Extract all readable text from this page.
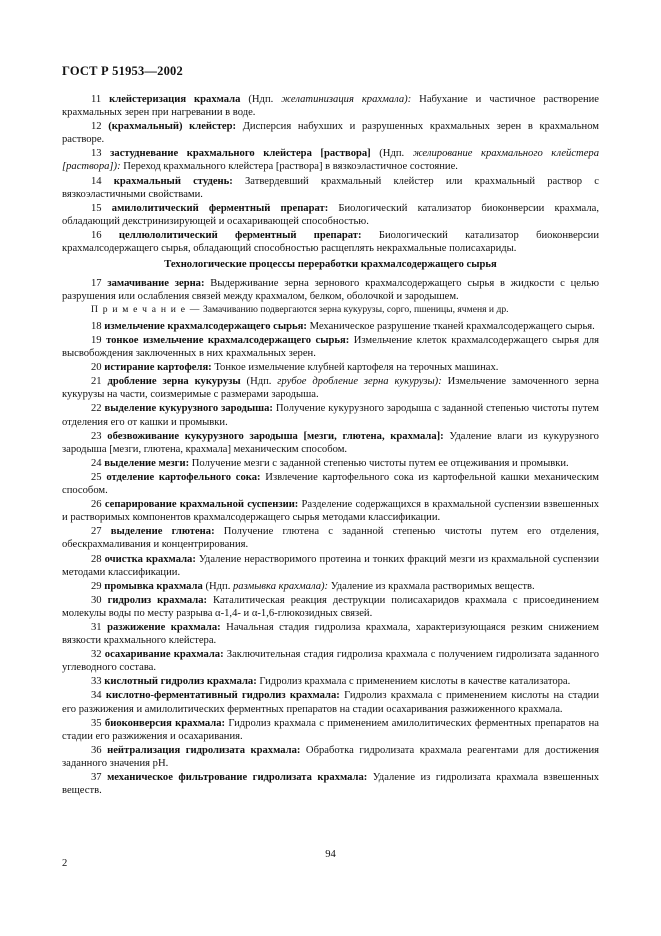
ГОСТ Р 51953—2002

11 клейстеризация крахмала (Ндп. желатинизация крахмала): Набухание и частичное растворение крахмальных зерен при нагревании в воде.

12 (крахмальный) клейстер: Дисперсия набухших и разрушенных крахмальных зерен в крахмальном растворе.

13 застудневание крахмального клейстера [раствора] (Ндп. желирование крахмального клейстера [раствора]): Переход крахмального клейстера [раствора] в вязкоэластичное состояние.

14 крахмальный студень: Затвердевший крахмальный клейстер или крахмальный раствор с вязкоэластичными свойствами.

15 амилолитический ферментный препарат: Биологический катализатор биоконверсии крахмала, обладающий декстринизирующей и осахаривающей способностью.

16 целлюлолитический ферментный препарат: Биологический катализатор биоконверсии крахмалсодержащего сырья, обладающий способностью расщеплять некрахмальные полисахариды.

Технологические процессы переработки крахмалсодержащего сырья

17 замачивание зерна: Выдерживание зерна зернового крахмалсодержащего сырья в жидкости с целью разрушения или ослабления связей между крахмалом, белком, оболочкой и зародышем.

П р и м е ч а н и е — Замачиванию подвергаются зерна кукурузы, сорго, пшеницы, ячменя и др.

18 измельчение крахмалсодержащего сырья: Механическое разрушение тканей крахмалсодержащего сырья.

19 тонкое измельчение крахмалсодержащего сырья: Измельчение клеток крахмалсодержащего сырья для высвобождения заключенных в них крахмальных зерен.

20 истирание картофеля: Тонкое измельчение клубней картофеля на терочных машинах.

21 дробление зерна кукурузы (Ндп. грубое дробление зерна кукурузы): Измельчение замоченного зерна кукурузы на части, соизмеримые с размерами зародыша.

22 выделение кукурузного зародыша: Получение кукурузного зародыша с заданной степенью чистоты путем отделения его от кашки и промывки.

23 обезвоживание кукурузного зародыша [мезги, глютена, крахмала]: Удаление влаги из кукурузного зародыша [мезги, глютена, крахмала] механическим способом.

24 выделение мезги: Получение мезги с заданной степенью чистоты путем ее отцеживания и промывки.

25 отделение картофельного сока: Извлечение картофельного сока из картофельной кашки механическим способом.

26 сепарирование крахмальной суспензии: Разделение содержащихся в крахмальной суспензии взвешенных и растворимых компонентов крахмалсодержащего сырья методами классификации.

27 выделение глютена: Получение глютена с заданной степенью чистоты путем его отделения, обескрахмаливания и концентрирования.

28 очистка крахмала: Удаление нерастворимого протеина и тонких фракций мезги из крахмальной суспензии методами классификации.

29 промывка крахмала (Ндп. размывка крахмала): Удаление из крахмала растворимых веществ.

30 гидролиз крахмала: Каталитическая реакция деструкции полисахаридов крахмала с присоединением молекулы воды по месту разрыва α-1,4- и α-1,6-глюкозидных связей.

31 разжижение крахмала: Начальная стадия гидролиза крахмала, характеризующаяся резким снижением вязкости крахмального клейстера.

32 осахаривание крахмала: Заключительная стадия гидролиза крахмала с получением гидролизата заданного углеводного состава.

33 кислотный гидролиз крахмала: Гидролиз крахмала с применением кислоты в качестве катализатора.

34 кислотно-ферментативный гидролиз крахмала: Гидролиз крахмала с применением кислоты на стадии его разжижения и амилолитических ферментных препаратов на стадии осахаривания разжиженного крахмала.

35 биоконверсия крахмала: Гидролиз крахмала с применением амилолитических ферментных препаратов на стадии его разжижения и осахаривания.

36 нейтрализация гидролизата крахмала: Обработка гидролизата крахмала реагентами для достижения заданного значения pH.

37 механическое фильтрование гидролизата крахмала: Удаление из гидролизата крахмала взвешенных веществ.

2
94
